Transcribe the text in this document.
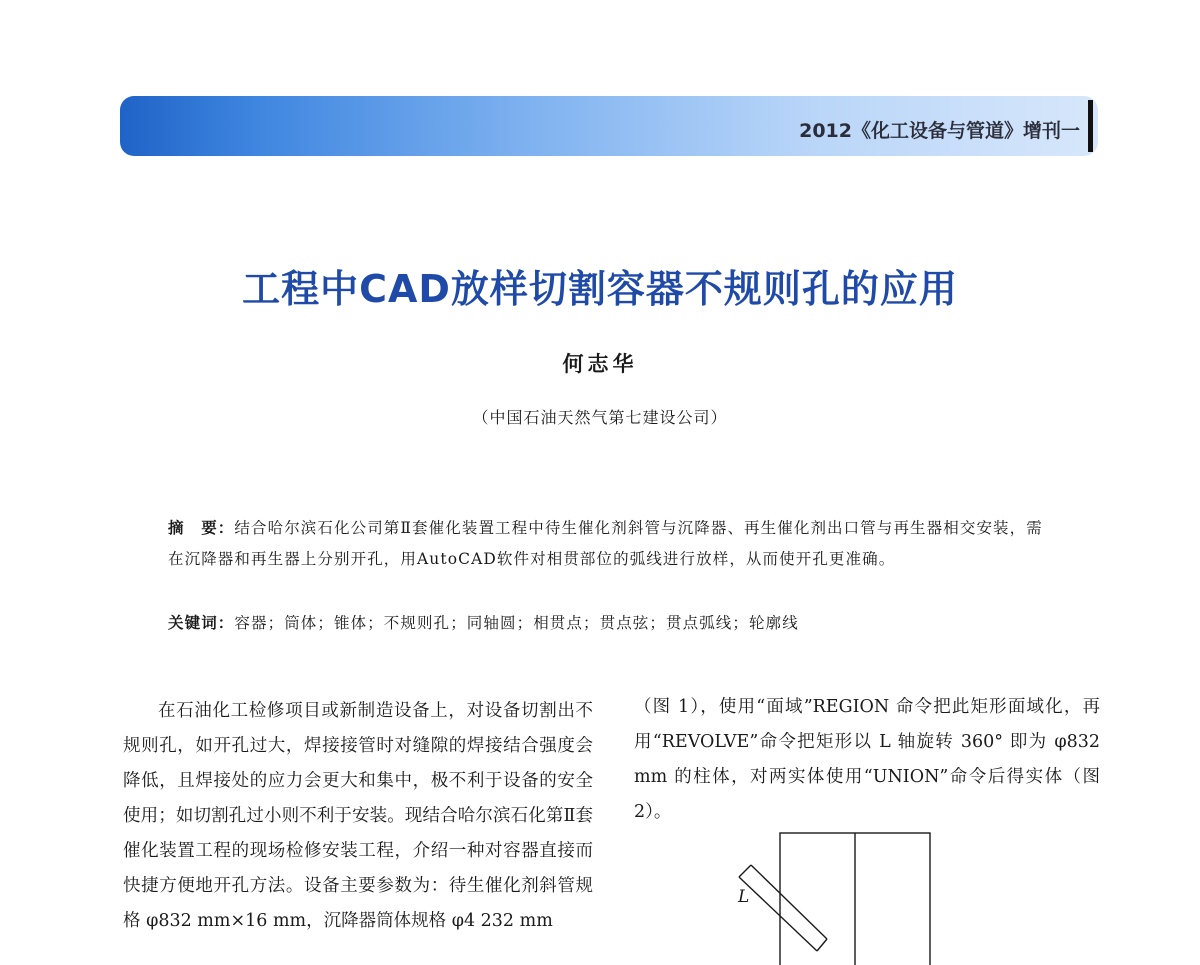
2012《化工设备与管道》增刊一
工程中CAD放样切割容器不规则孔的应用
何志华
（中国石油天然气第七建设公司）
摘　要：结合哈尔滨石化公司第Ⅱ套催化装置工程中待生催化剂斜管与沉降器、再生催化剂出口管与再生器相交安装，需在沉降器和再生器上分别开孔，用AutoCAD软件对相贯部位的弧线进行放样，从而使开孔更准确。
关键词：容器；筒体；锥体；不规则孔；同轴圆；相贯点；贯点弦；贯点弧线；轮廓线
在石油化工检修项目或新制造设备上，对设备切割出不规则孔，如开孔过大，焊接接管时对缝隙的焊接结合强度会降低，且焊接处的应力会更大和集中，极不利于设备的安全使用；如切割孔过小则不利于安装。现结合哈尔滨石化第Ⅱ套催化装置工程的现场检修安装工程，介绍一种对容器直接而快捷方便地开孔方法。设备主要参数为：待生催化剂斜管规格 φ832 mm×16 mm，沉降器筒体规格 φ4 232 mm
（图 1），使用“面域”REGION 命令把此矩形面域化，再用“REVOLVE”命令把矩形以 L 轴旋转 360° 即为 φ832 mm 的柱体，对两实体使用“UNION”命令后得实体（图 2）。
L
